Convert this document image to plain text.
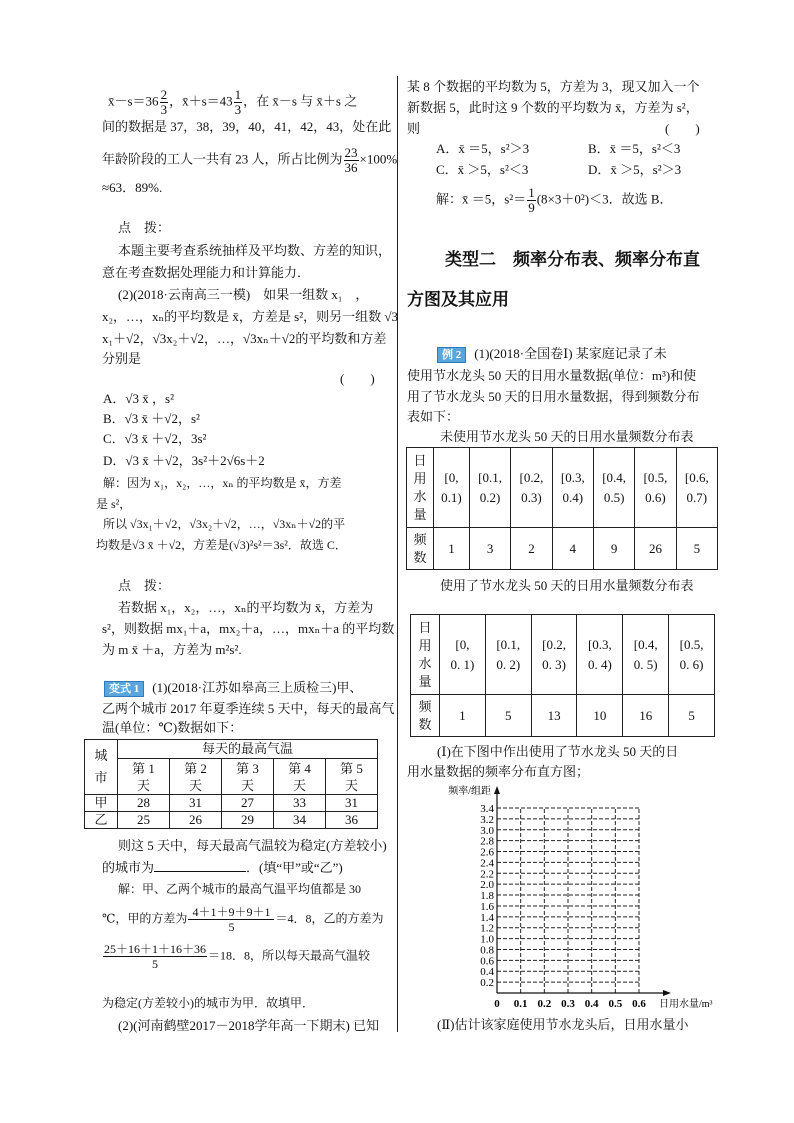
x̄－s＝36 $\frac{2}{3}$ ，x̄＋s＝43 $\frac{1}{3}$ ，在 x̄－s 与 x̄＋s 之
间的数据是 37，38，39，40，41，42，43，处在此
年龄阶段的工人一共有 23 人，所占比例为 $\frac{23}{36} \times 100\%$
≈63．89%.
点　拨：
本题主要考查系统抽样及平均数、方差的知识，
意在考查数据处理能力和计算能力．
(2)(2018·云南高三一模)　如果一组数 x₁　，
x₂，…，xₙ的平均数是 x̄，方差是 s²，则另一组数 √3
x₁＋√2，√3x₂＋√2，…，√3xₙ＋√2的平均数和方差
分别是
(　　)
A．√3 x̄ ，s²
B．√3 x̄ ＋√2，s²
C．√3 x̄ ＋√2，3s²
D．√3 x̄ ＋√2，3s²＋2√6s＋2
解：因为 x₁，x₂，…，xₙ 的平均数是 x̄，方差
是 s²，
所以 √3x₁＋√2，√3x₂＋√2，…，√3xₙ＋√2的平
均数是√3 x̄ ＋√2，方差是(√3)²s²＝3s²．故选 C．
点　拨：
若数据 x₁，x₂，…，xₙ的平均数为 x̄，方差为
s²，则数据 mx₁＋a，mx₂＋a，…，mxₙ＋a 的平均数
为 m x̄ ＋a，方差为 m²s².
变式 1 (1)(2018·江苏如皋高三上质检三)甲、
乙两个城市 2017 年夏季连续 5 天中，每天的最高气
温(单位：℃)数据如下：
城
市	每天的最高气温				
	第 1
天	第 2
天	第 3
天	第 4
天	第 5
天
甲	28	31	27	33	31
乙	25	26	29	34	36
则这 5 天中，每天最高气温较为稳定(方差较小)
的城市为	．(填“甲”或“乙”)
解：甲、乙两个城市的最高气温平均值都是 30
℃，甲的方差为 $\frac{4+1+9+9+1}{5} =4$．8，乙的方差为
$\frac{25+16+1+16+36}{5} =18$．8，所以每天最高气温较
为稳定(方差较小)的城市为甲．故填甲．
(2)(河南鹤壁2017－2018学年高一下期末) 已知
某 8 个数据的平均数为 5，方差为 3，现又加入一个
新数据 5，此时这 9 个数的平均数为 x̄，方差为 s²，
则	(　　)
A．x̄ ＝5，s²＞3	B．x̄ ＝5，s²＜3
C．x̄ ＞5，s²＜3	D．x̄ ＞5，s²＞3
解：x̄ ＝5，$s^2= \frac{1}{9} (8\times 3+0^2)<3$．故选 B．
类型二　频率分布表、频率分布直
方图及其应用
例 2 (1)(2018·全国卷Ⅰ) 某家庭记录了未
使用节水龙头 50 天的日用水量数据(单位：m³)和使
用了节水龙头 50 天的日用水量数据，得到频数分布
表如下：
未使用节水龙头 50 天的日用水量频数分布表
日用水量	[0,
0.1)	[0.1,
0.2)	[0.2,
0.3)	[0.3,
0.4)	[0.4,
0.5)	[0.5,
0.6)	[0.6,
0.7)
频数	1	3	2	4	9	26	5
使用了节水龙头 50 天的日用水量频数分布表
日用水量	[0,
0. 1)	[0.1,
0. 2)	[0.2,
0. 3)	[0.3,
0. 4)	[0.4,
0. 5)	[0.5,
0. 6)
频数	1	5	13	10	16	5
(Ⅰ)在下图中作出使用了节水龙头 50 天的日
用水量数据的频率分布直方图；
0.2
0.4
0.6
0.8
1.0
1.2
1.4
1.6
1.8
2.0
2.2
2.4
2.6
2.8
3.0
3.2
3.4
0 0.1 0.2 0.3 0.4 0.5 0.6
频率/组距
日用水量/m³
(Ⅱ)估计该家庭使用节水龙头后，日用水量小
